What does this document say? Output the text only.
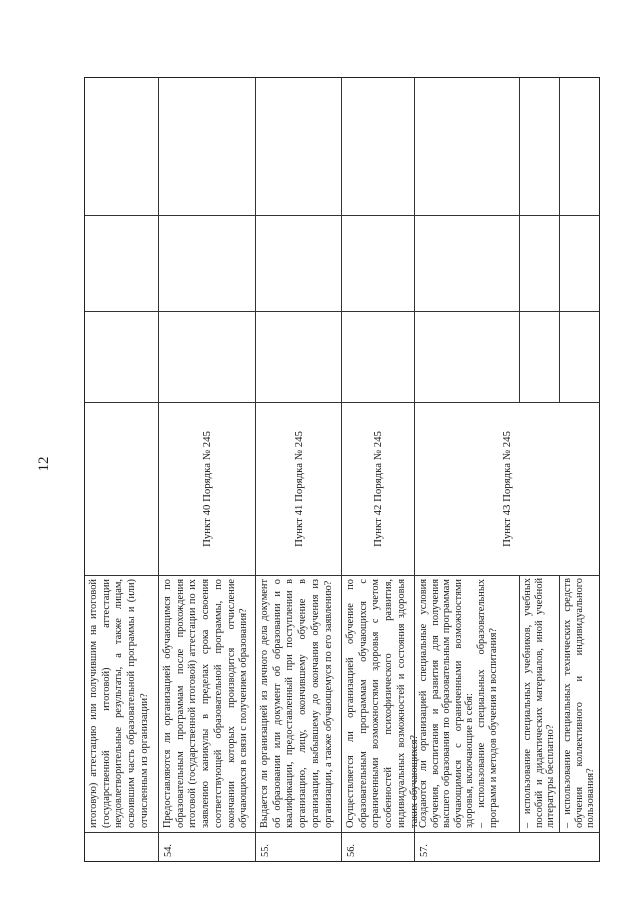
12
итоговую) аттестацию или получившим на итоговой (государственной итоговой) аттестации неудовлетворительные результаты, а также лицам, освоившим часть образовательной программы и (или) отчисленным из организации?
54.
Предоставляются ли организацией обучающимся по образовательным программам после прохождения итоговой (государственной итоговой) аттестации по их заявлению каникулы в пределах срока освоения соответствующей образовательной программы, по окончании которых производится отчисление обучающихся в связи с получением образования?
Пункт 40 Порядка № 245
55.
Выдается ли организацией из личного дела документ об образовании или документ об образовании и о квалификации, предоставленный при поступлении в организацию, лицу, окончившему обучение в организации, выбывшему до окончания обучения из организации, а также обучающемуся по его заявлению?
Пункт 41 Порядка № 245
56.
Осуществляется ли организацией обучение по образовательным программам обучающихся с ограниченными возможностями здоровья с учетом особенностей психофизического развития, индивидуальных возможностей и состояния здоровья таких обучающихся?
Пункт 42 Порядка № 245
57.
Создаются ли организацией специальные условия обучения, воспитания и развития для получения высшего образования по образовательным программам обучающимися с ограниченными возможностями здоровья, включающие в себя:
– использование специальных образовательных программ и методов обучения и воспитания? – использование специальных учебников, учебных пособий и дидактических материалов, иной учебной литературы бесплатно? – использование специальных технических средств обучения коллективного и индивидуального пользования?
Пункт 43 Порядка № 245
